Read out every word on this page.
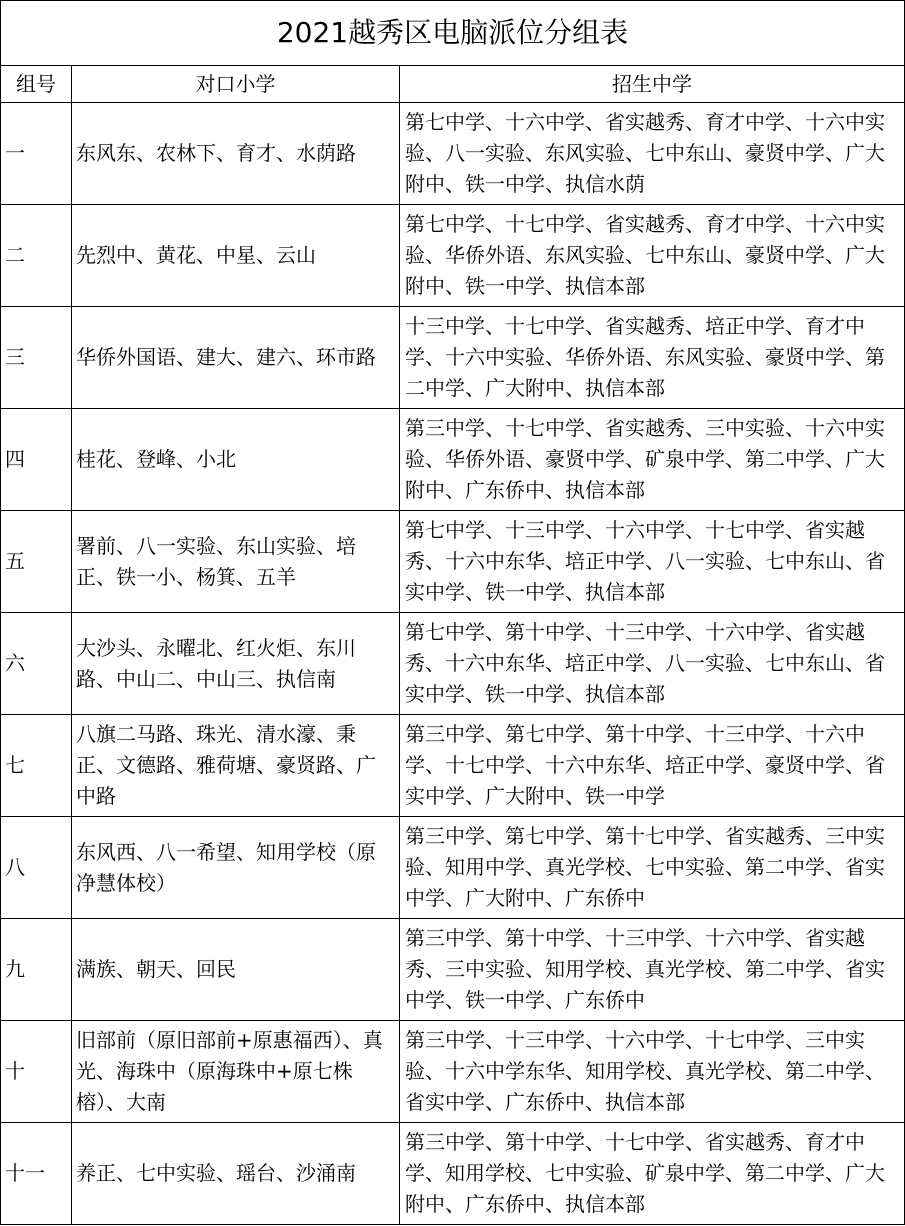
2021越秀区电脑派位分组表		
组号	对口小学	招生中学
一	东风东、农林下、育才、水荫路	第七中学、十六中学、省实越秀、育才中学、十六中实验、八一实验、东风实验、七中东山、豪贤中学、广大附中、铁一中学、执信水荫
二	先烈中、黄花、中星、云山	第七中学、十七中学、省实越秀、育才中学、十六中实验、华侨外语、东风实验、七中东山、豪贤中学、广大附中、铁一中学、执信本部
三	华侨外国语、建大、建六、环市路	十三中学、十七中学、省实越秀、培正中学、育才中学、十六中实验、华侨外语、东风实验、豪贤中学、第二中学、广大附中、执信本部
四	桂花、登峰、小北	第三中学、十七中学、省实越秀、三中实验、十六中实验、华侨外语、豪贤中学、矿泉中学、第二中学、广大附中、广东侨中、执信本部
五	署前、八一实验、东山实验、培正、铁一小、杨箕、五羊	第七中学、十三中学、十六中学、十七中学、省实越秀、十六中东华、培正中学、八一实验、七中东山、省实中学、铁一中学、执信本部
六	大沙头、永曜北、红火炬、东川路、中山二、中山三、执信南	第七中学、第十中学、十三中学、十六中学、省实越秀、十六中东华、培正中学、八一实验、七中东山、省实中学、铁一中学、执信本部
七	八旗二马路、珠光、清水濠、秉正、文德路、雅荷塘、豪贤路、广中路	第三中学、第七中学、第十中学、十三中学、十六中学、十七中学、十六中东华、培正中学、豪贤中学、省实中学、广大附中、铁一中学
八	东风西、八一希望、知用学校（原净慧体校）	第三中学、第七中学、第十七中学、省实越秀、三中实验、知用中学、真光学校、七中实验、第二中学、省实中学、广大附中、广东侨中
九	满族、朝天、回民	第三中学、第十中学、十三中学、十六中学、省实越秀、三中实验、知用学校、真光学校、第二中学、省实中学、铁一中学、广东侨中
十	旧部前（原旧部前+原惠福西）、真光、海珠中（原海珠中+原七株榕）、大南	第三中学、十三中学、十六中学、十七中学、三中实验、十六中学东华、知用学校、真光学校、第二中学、省实中学、广东侨中、执信本部
十一	养正、七中实验、瑶台、沙涌南	第三中学、第十中学、十七中学、省实越秀、育才中学、知用学校、七中实验、矿泉中学、第二中学、广大附中、广东侨中、执信本部
